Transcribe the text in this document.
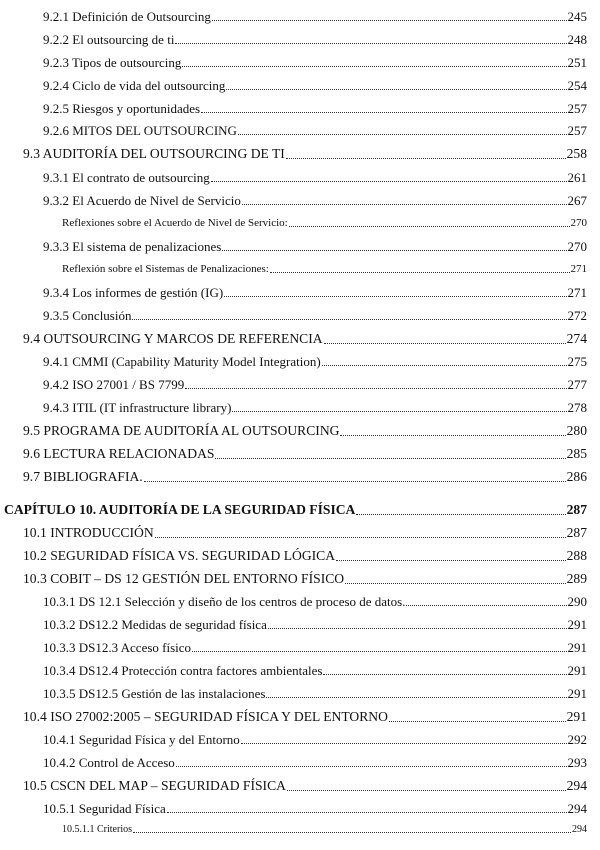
9.2.1 Definición de Outsourcing	245
9.2.2 El outsourcing de ti	248
9.2.3 Tipos de outsourcing	251
9.2.4 Ciclo de vida del outsourcing	254
9.2.5 Riesgos y oportunidades	257
9.2.6 MITOS DEL OUTSOURCING	257
9.3 AUDITORÍA DEL OUTSOURCING DE TI	258
9.3.1 El contrato de outsourcing	261
9.3.2 El Acuerdo de Nivel de Servicio	267
Reflexiones sobre el Acuerdo de Nivel de Servicio:	270
9.3.3 El sistema de penalizaciones	270
Reflexión sobre el Sistemas de Penalizaciones:	271
9.3.4 Los informes de gestión (IG)	271
9.3.5 Conclusión	272
9.4 OUTSOURCING Y MARCOS DE REFERENCIA	274
9.4.1 CMMI (Capability Maturity Model Integration)	275
9.4.2 ISO 27001 / BS 7799	277
9.4.3 ITIL (IT infrastructure library)	278
9.5 PROGRAMA DE AUDITORÍA AL OUTSOURCING	280
9.6 LECTURA RELACIONADAS	285
9.7 BIBLIOGRAFIA.	286
CAPÍTULO 10. AUDITORÍA DE LA SEGURIDAD FÍSICA	287
10.1 INTRODUCCIÓN	287
10.2 SEGURIDAD FÍSICA VS. SEGURIDAD LÓGICA	288
10.3 COBIT – DS 12 GESTIÓN DEL ENTORNO FÍSICO	289
10.3.1 DS 12.1 Selección y diseño de los centros de proceso de datos.	290
10.3.2 DS12.2 Medidas de seguridad física	291
10.3.3 DS12.3 Acceso físico	291
10.3.4 DS12.4 Protección contra factores ambientales	291
10.3.5 DS12.5 Gestión de las instalaciones	291
10.4 ISO 27002:2005 – SEGURIDAD FÍSICA Y DEL ENTORNO	291
10.4.1 Seguridad Física y del Entorno	292
10.4.2 Control de Acceso	293
10.5 CSCN DEL MAP – SEGURIDAD FÍSICA	294
10.5.1 Seguridad Física	294
10.5.1.1 Criterios	294
